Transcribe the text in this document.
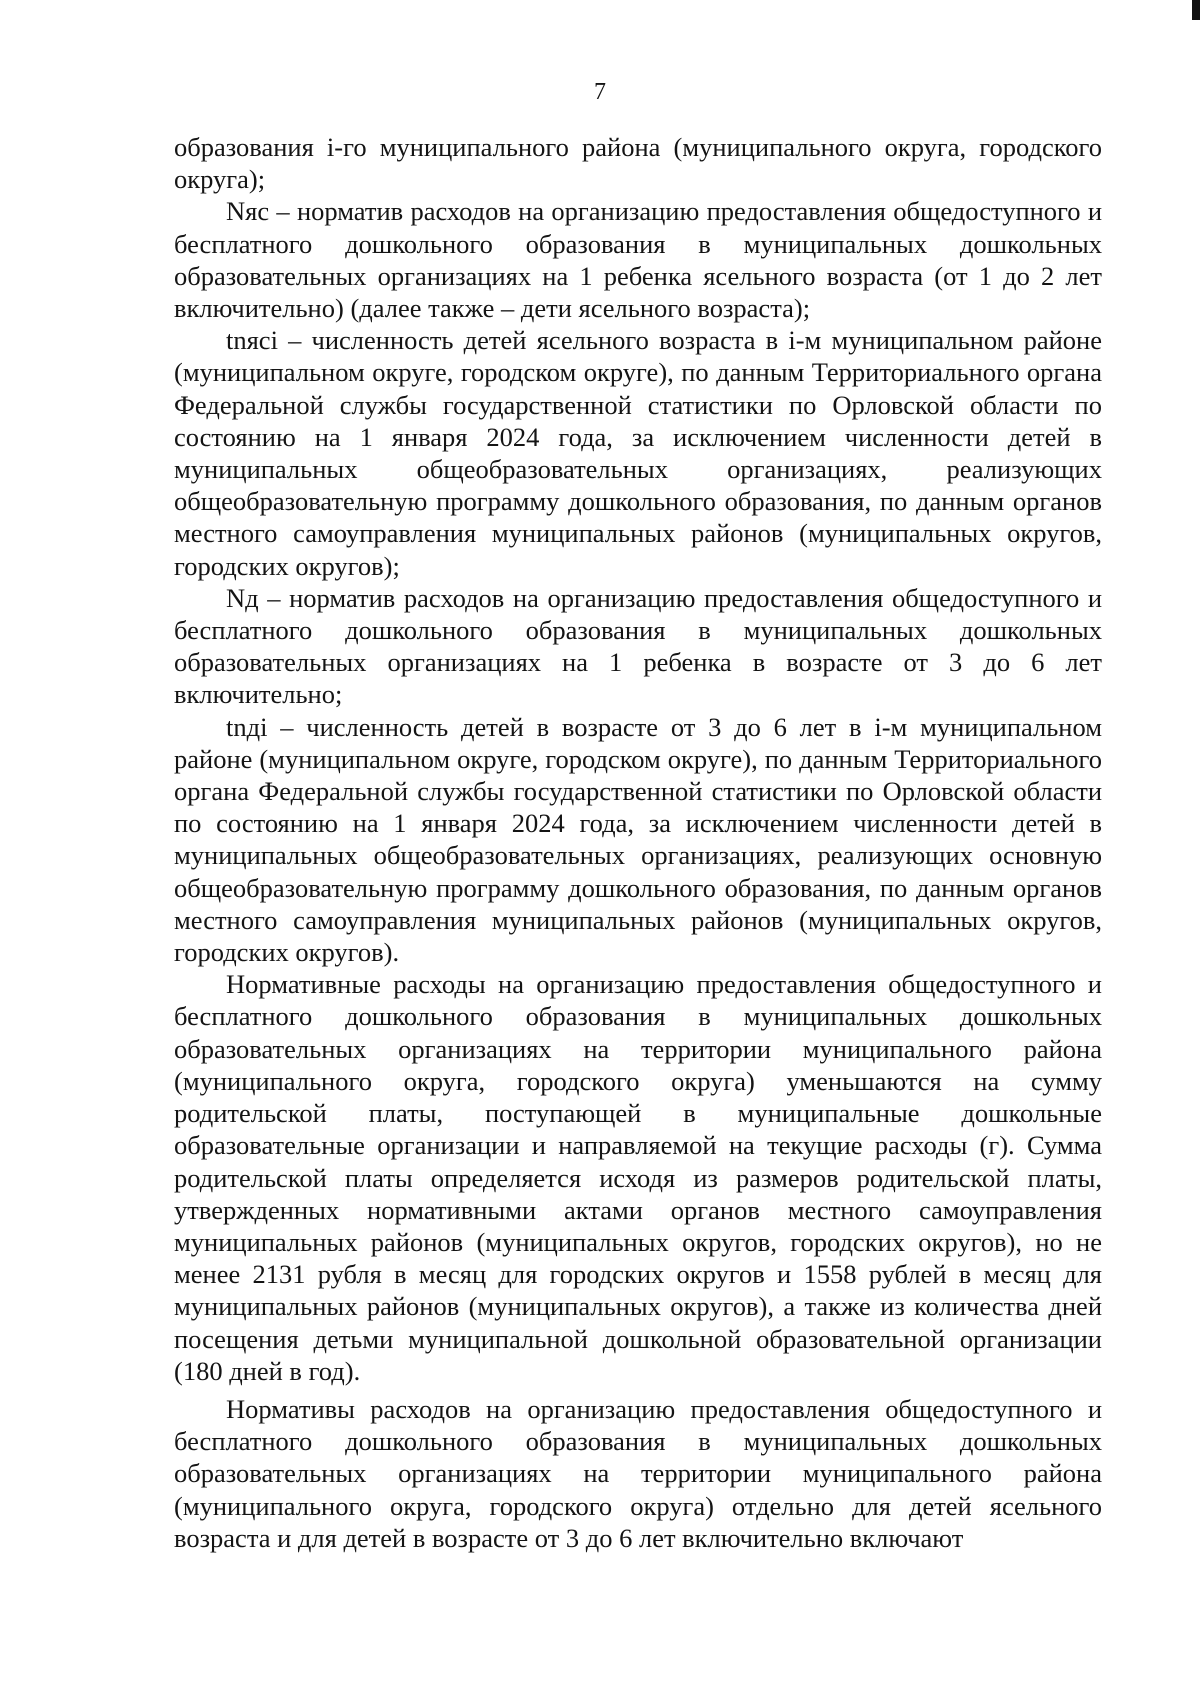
7

образования i-го муниципального района (муниципального округа, городского округа);

Nяс – норматив расходов на организацию предоставления общедоступного и бесплатного дошкольного образования в муниципальных дошкольных образовательных организациях на 1 ребенка ясельного возраста (от 1 до 2 лет включительно) (далее также – дети ясельного возраста);

tnясi – численность детей ясельного возраста в i-м муниципальном районе (муниципальном округе, городском округе), по данным Территориального органа Федеральной службы государственной статистики по Орловской области по состоянию на 1 января 2024 года, за исключением численности детей в муниципальных общеобразовательных организациях, реализующих общеобразовательную программу дошкольного образования, по данным органов местного самоуправления муниципальных районов (муниципальных округов, городских округов);

Nд – норматив расходов на организацию предоставления общедоступного и бесплатного дошкольного образования в муниципальных дошкольных образовательных организациях на 1 ребенка в возрасте от 3 до 6 лет включительно;

tnдi – численность детей в возрасте от 3 до 6 лет в i-м муниципальном районе (муниципальном округе, городском округе), по данным Территориального органа Федеральной службы государственной статистики по Орловской области по состоянию на 1 января 2024 года, за исключением численности детей в муниципальных общеобразовательных организациях, реализующих основную общеобразовательную программу дошкольного образования, по данным органов местного самоуправления муниципальных районов (муниципальных округов, городских округов).

Нормативные расходы на организацию предоставления общедоступного и бесплатного дошкольного образования в муниципальных дошкольных образовательных организациях на территории муниципального района (муниципального округа, городского округа) уменьшаются на сумму родительской платы, поступающей в муниципальные дошкольные образовательные организации и направляемой на текущие расходы (г). Сумма родительской платы определяется исходя из размеров родительской платы, утвержденных нормативными актами органов местного самоуправления муниципальных районов (муниципальных округов, городских округов), но не менее 2131 рубля в месяц для городских округов и 1558 рублей в месяц для муниципальных районов (муниципальных округов), а также из количества дней посещения детьми муниципальной дошкольной образовательной организации (180 дней в год).

Нормативы расходов на организацию предоставления общедоступного и бесплатного дошкольного образования в муниципальных дошкольных образовательных организациях на территории муниципального района (муниципального округа, городского округа) отдельно для детей ясельного возраста и для детей в возрасте от 3 до 6 лет включительно включают
